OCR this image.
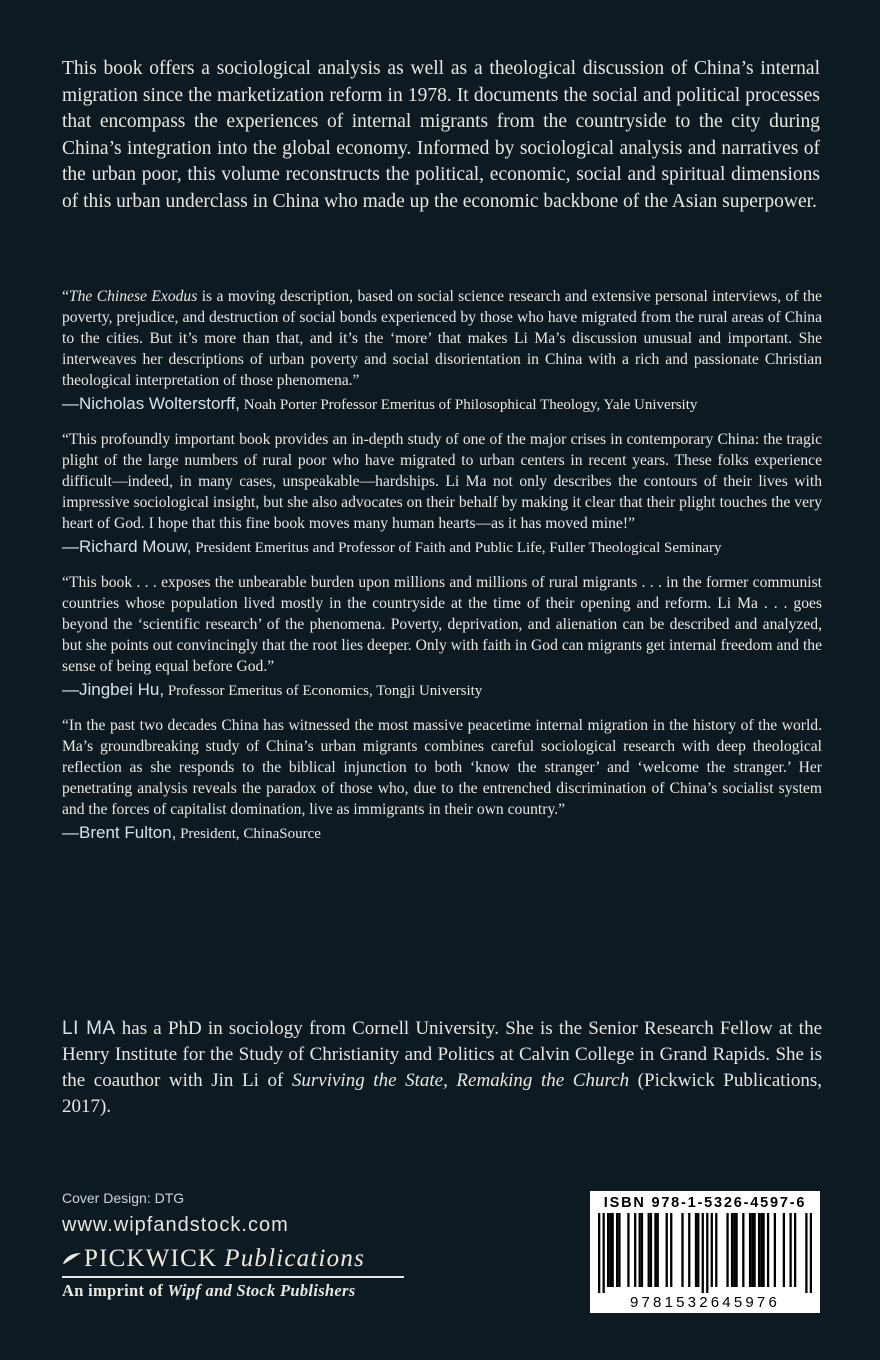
This book offers a sociological analysis as well as a theological discussion of China’s internal migration since the marketization reform in 1978. It documents the social and political processes that encompass the experiences of internal migrants from the countryside to the city during China’s integration into the global economy. Informed by sociological analysis and narratives of the urban poor, this volume reconstructs the political, economic, social and spiritual dimensions of this urban underclass in China who made up the economic backbone of the Asian superpower.

“The Chinese Exodus is a moving description, based on social science research and extensive personal interviews, of the poverty, prejudice, and destruction of social bonds experienced by those who have migrated from the rural areas of China to the cities. But it’s more than that, and it’s the ‘more’ that makes Li Ma’s discussion unusual and important. She interweaves her descriptions of urban poverty and social disorientation in China with a rich and passionate Christian theological interpretation of those phenomena.”

—Nicholas Wolterstorff, Noah Porter Professor Emeritus of Philosophical Theology, Yale University

“This profoundly important book provides an in-depth study of one of the major crises in contemporary China: the tragic plight of the large numbers of rural poor who have migrated to urban centers in recent years. These folks experience difficult—indeed, in many cases, unspeakable—hardships. Li Ma not only describes the contours of their lives with impressive sociological insight, but she also advocates on their behalf by making it clear that their plight touches the very heart of God. I hope that this fine book moves many human hearts—as it has moved mine!”

—Richard Mouw, President Emeritus and Professor of Faith and Public Life, Fuller Theological Seminary

“This book . . . exposes the unbearable burden upon millions and millions of rural migrants . . . in the former communist countries whose population lived mostly in the countryside at the time of their opening and reform. Li Ma . . . goes beyond the ‘scientific research’ of the phenomena. Poverty, deprivation, and alienation can be described and analyzed, but she points out convincingly that the root lies deeper. Only with faith in God can migrants get internal freedom and the sense of being equal before God.”

—Jingbei Hu, Professor Emeritus of Economics, Tongji University

“In the past two decades China has witnessed the most massive peacetime internal migration in the history of the world. Ma’s groundbreaking study of China’s urban migrants combines careful sociological research with deep theological reflection as she responds to the biblical injunction to both ‘know the stranger’ and ‘welcome the stranger.’ Her penetrating analysis reveals the paradox of those who, due to the entrenched discrimination of China’s socialist system and the forces of capitalist domination, live as immigrants in their own country.”

—Brent Fulton, President, ChinaSource

LI MA has a PhD in sociology from Cornell University. She is the Senior Research Fellow at the Henry Institute for the Study of Christianity and Politics at Calvin College in Grand Rapids. She is the coauthor with Jin Li of Surviving the State, Remaking the Church (Pickwick Publications, 2017).

Cover Design: DTG
www.wipfandstock.com
PICKWICK Publications
An imprint of Wipf and Stock Publishers
ISBN 978-1-5326-4597-6
9781532645976
